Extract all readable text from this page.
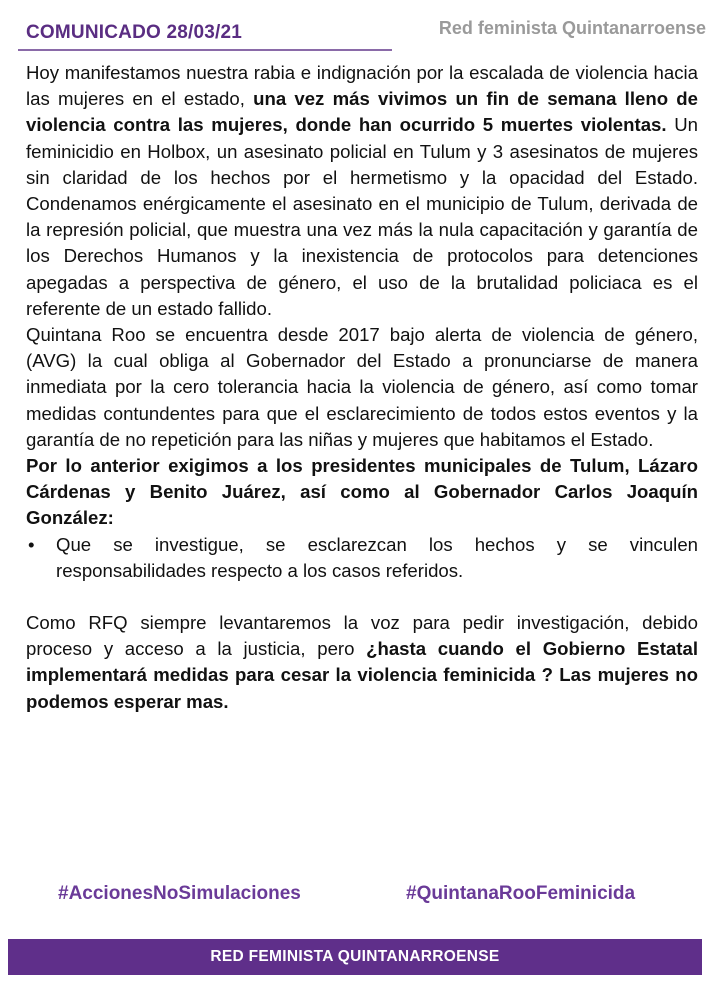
COMUNICADO 28/03/21	Red feminista Quintanarroense

Hoy manifestamos nuestra rabia e indignación por la escalada de violencia hacia las mujeres en el estado, una vez más vivimos un fin de semana lleno de violencia contra las mujeres, donde han ocurrido 5 muertes violentas. Un feminicidio en Holbox, un asesinato policial en Tulum y 3 asesinatos de mujeres sin claridad de los hechos por el hermetismo y la opacidad del Estado. Condenamos enérgicamente el asesinato en el municipio de Tulum, derivada de la represión policial, que muestra una vez más la nula capacitación y garantía de los Derechos Humanos y la inexistencia de protocolos para detenciones apegadas a perspectiva de género, el uso de la brutalidad policiaca es el referente de un estado fallido.

Quintana Roo se encuentra desde 2017 bajo alerta de violencia de género, (AVG) la cual obliga al Gobernador del Estado a pronunciarse de manera inmediata por la cero tolerancia hacia la violencia de género, así como tomar medidas contundentes para que el esclarecimiento de todos estos eventos y la garantía de no repetición para las niñas y mujeres que habitamos el Estado.

Por lo anterior exigimos a los presidentes municipales de Tulum, Lázaro Cárdenas y Benito Juárez, así como al Gobernador Carlos Joaquín González:

• Que se investigue, se esclarezcan los hechos y se vinculen responsabilidades respecto a los casos referidos.

Como RFQ siempre levantaremos la voz para pedir investigación, debido proceso y acceso a la justicia, pero ¿hasta cuando el Gobierno Estatal implementará medidas para cesar la violencia feminicida ? Las mujeres no podemos esperar mas.

#AccionesNoSimulaciones	#QuintanaRooFeminicida
RED FEMINISTA QUINTANARROENSE
